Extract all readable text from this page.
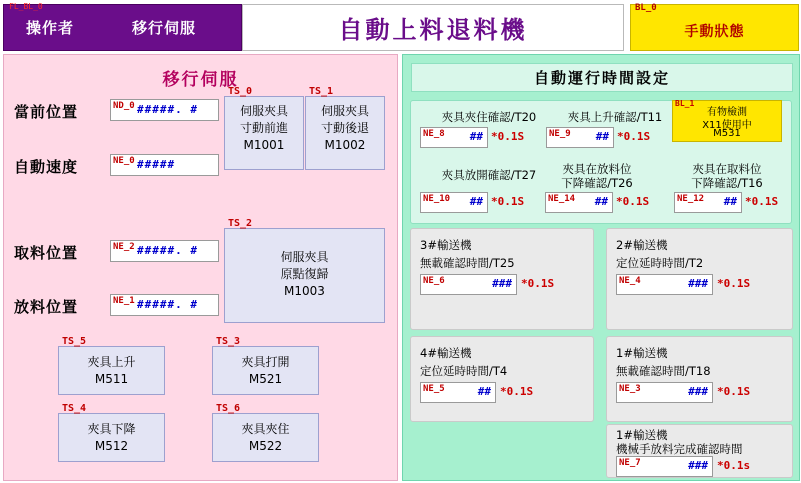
FL_BL_0
操作者	移行伺服	自動上料退料機
BL_0
手動狀態
移行伺服
當前位置	ND_0 #####. #
自動速度	NE_0 #####
取料位置	NE_2 #####. #
放料位置	NE_1 #####. #
TS_0
伺服夾具
寸動前進
M1001
TS_1
伺服夾具
寸動後退
M1002
TS_2
伺服夾具
原點復歸
M1003
TS_5
夾具上升
M511
TS_3
夾具打開
M521
TS_4
夾具下降
M512
TS_6
夾具夾住
M522
自動運行時間設定
夾具夾住確認/T20
NE_8 ## *0.1S
夾具上升確認/T11
NE_9 ## *0.1S
BL_1
有物檢測
X11使用中
M531
夾具放開確認/T27
NE_10 ## *0.1S
夾具在放料位
下降確認/T26
NE_14 ## *0.1S
夾具在取料位
下降確認/T16
NE_12 ## *0.1S
3#輸送機
無載確認時間/T25
NE_6	### *0.1S
2#輸送機
定位延時時間/T2
NE_4	### *0.1S
4#輸送機
定位延時時間/T4
NE_5	## *0.1S
1#輸送機
無載確認時間/T18
NE_3	### *0.1S
1#輸送機
機械手放料完成確認時間
NE_7	### *0.1s
